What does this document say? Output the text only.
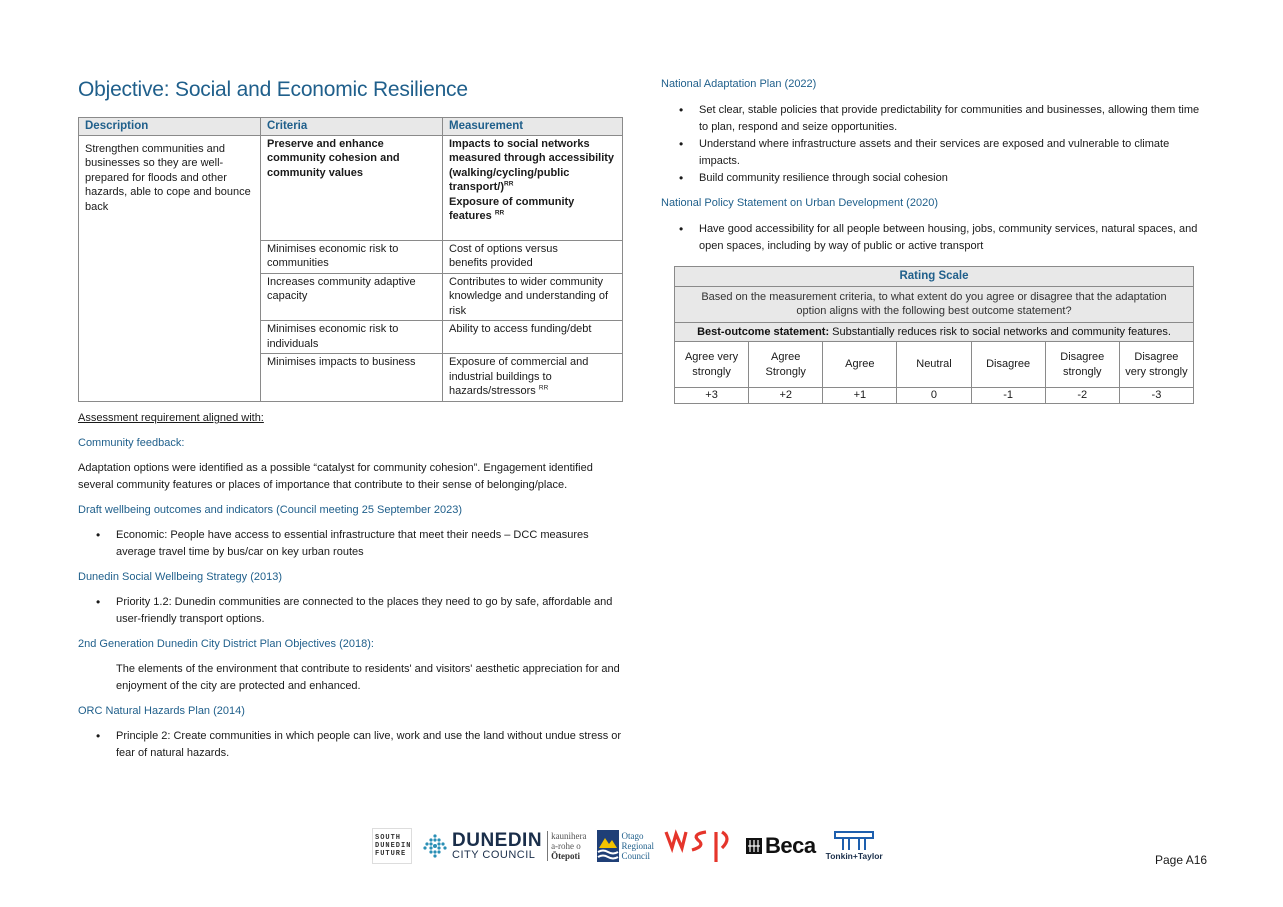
Objective: Social and Economic Resilience
Description	Criteria	Measurement
Strengthen communities and businesses so they are well-prepared for floods and other hazards, able to cope and bounce back	Preserve and enhance community cohesion and community values	Impacts to social networks measured through accessibility (walking/cycling/public transport/)$^{RR}$
Exposure of community features $^{RR}$
	Minimises economic risk to communities	Cost of options versus benefits provided
	Increases community adaptive capacity	Contributes to wider community knowledge and understanding of risk
	Minimises economic risk to individuals	Ability to access funding/debt
	Minimises impacts to business	Exposure of commercial and industrial buildings to hazards/stressors $^{RR}$

Assessment requirement aligned with:

Community feedback:

Adaptation options were identified as a possible “catalyst for community cohesion”. Engagement identified several community features or places of importance that contribute to their sense of belonging/place.

Draft wellbeing outcomes and indicators (Council meeting 25 September 2023)

• Economic: People have access to essential infrastructure that meet their needs – DCC measures average travel time by bus/car on key urban routes

Dunedin Social Wellbeing Strategy (2013)

• Priority 1.2: Dunedin communities are connected to the places they need to go by safe, affordable and user-friendly transport options.

2nd Generation Dunedin City District Plan Objectives (2018):

The elements of the environment that contribute to residents' and visitors' aesthetic appreciation for and enjoyment of the city are protected and enhanced.

ORC Natural Hazards Plan (2014)

• Principle 2: Create communities in which people can live, work and use the land without undue stress or fear of natural hazards.

National Adaptation Plan (2022)

• Set clear, stable policies that provide predictability for communities and businesses, allowing them time to plan, respond and seize opportunities.
• Understand where infrastructure assets and their services are exposed and vulnerable to climate impacts.
• Build community resilience through social cohesion

National Policy Statement on Urban Development (2020)

• Have good accessibility for all people between housing, jobs, community services, natural spaces, and open spaces, including by way of public or active transport
Rating Scale						
Based on the measurement criteria, to what extent do you agree or disagree that the adaptation option aligns with the following best outcome statement?						
Best-outcome statement: Substantially reduces risk to social networks and community features.						
Agree very strongly	Agree Strongly	Agree	Neutral	Disagree	Disagree strongly	Disagree very strongly
+3	+2	+1	0	-1	-2	-3
SOUTH DUNEDIN FUTURE
DUNEDIN
CITY COUNCIL
kaunihera
a-rohe o
Ōtepoti
Otago
Regional
Council	Beca Tonkin+Taylor	Page A16
